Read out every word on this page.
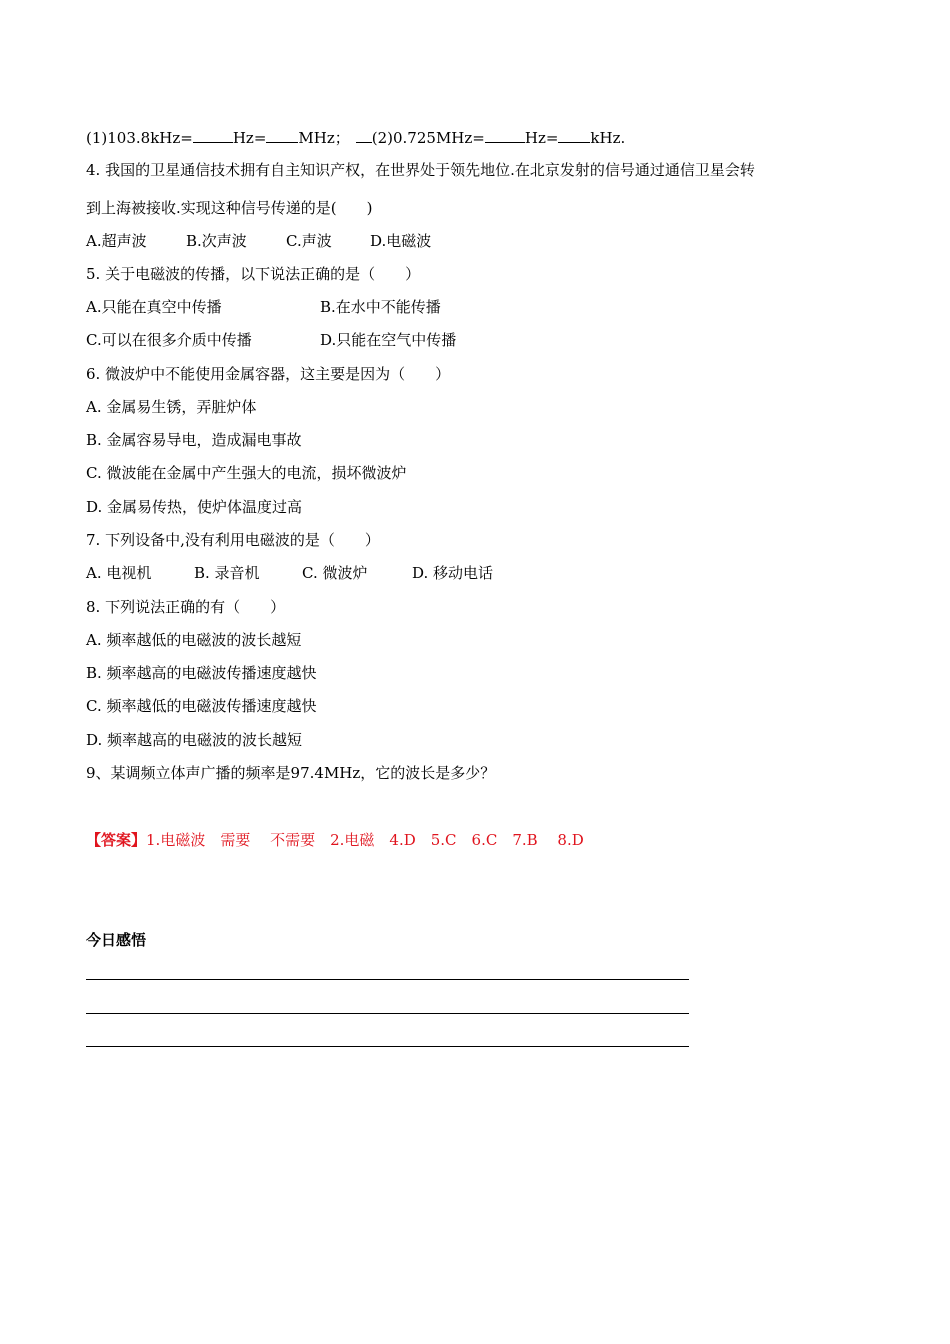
(1)103.8kHz=	Hz= MHz； (2)0.725MHz=	Hz= kHz.
4. 我国的卫星通信技术拥有自主知识产权，在世界处于领先地位.在北京发射的信号通过通信卫星会转
到上海被接收.实现这种信号传递的是(　　)
A.超声波	B.次声波	C.声波	D.电磁波
5. 关于电磁波的传播，以下说法正确的是（　　）
A.只能在真空中传播	B.在水中不能传播
C.可以在很多介质中传播	D.只能在空气中传播
6. 微波炉中不能使用金属容器，这主要是因为（　　）
A. 金属易生锈，弄脏炉体
B. 金属容易导电，造成漏电事故
C. 微波能在金属中产生强大的电流，损坏微波炉
D. 金属易传热，使炉体温度过高
7. 下列设备中,没有利用电磁波的是（　　）
A. 电视机	B. 录音机	C. 微波炉	D. 移动电话
8. 下列说法正确的有（　　）
A. 频率越低的电磁波的波长越短
B. 频率越高的电磁波传播速度越快
C. 频率越低的电磁波传播速度越快
D. 频率越高的电磁波的波长越短
9、某调频立体声广播的频率是97.4MHz，它的波长是多少？
【答案】1.电磁波　需要　 不需要　2.电磁　4.D　5.C　6.C　7.B　 8.D
今日感悟
